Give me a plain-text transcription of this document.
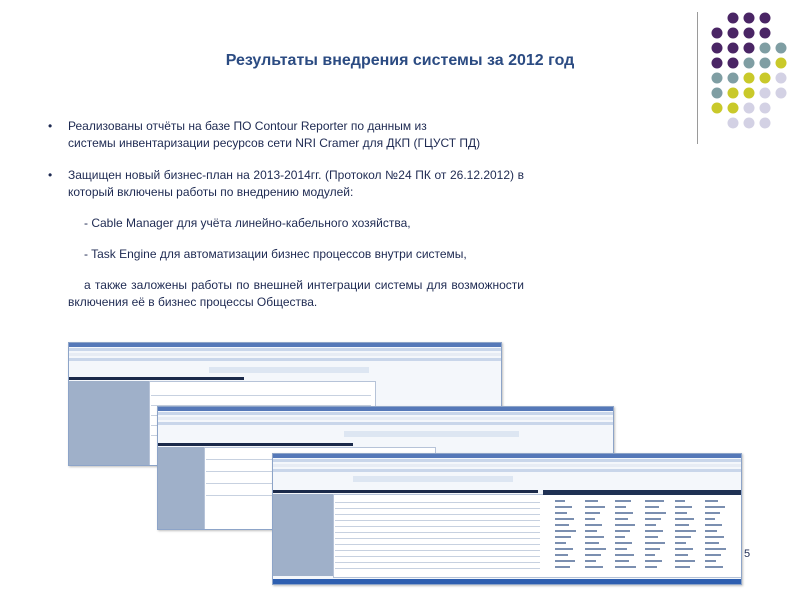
Результаты внедрения системы за 2012 год
• Реализованы отчёты на базе ПО Contour Reporter по данным из
системы инвентаризации ресурсов сети NRI Cramer для ДКП (ГЦУСТ ПД)
• Защищен новый бизнес-план на 2013-2014гг. (Протокол №24 ПК от 26.12.2012) в который включены работы по внедрению модулей:
- Cable Manager для учёта линейно-кабельного хозяйства,
- Task Engine для автоматизации бизнес процессов внутри системы,
а также заложены работы по внешней интеграции системы для возможности включения её в бизнес процессы Общества.
5
